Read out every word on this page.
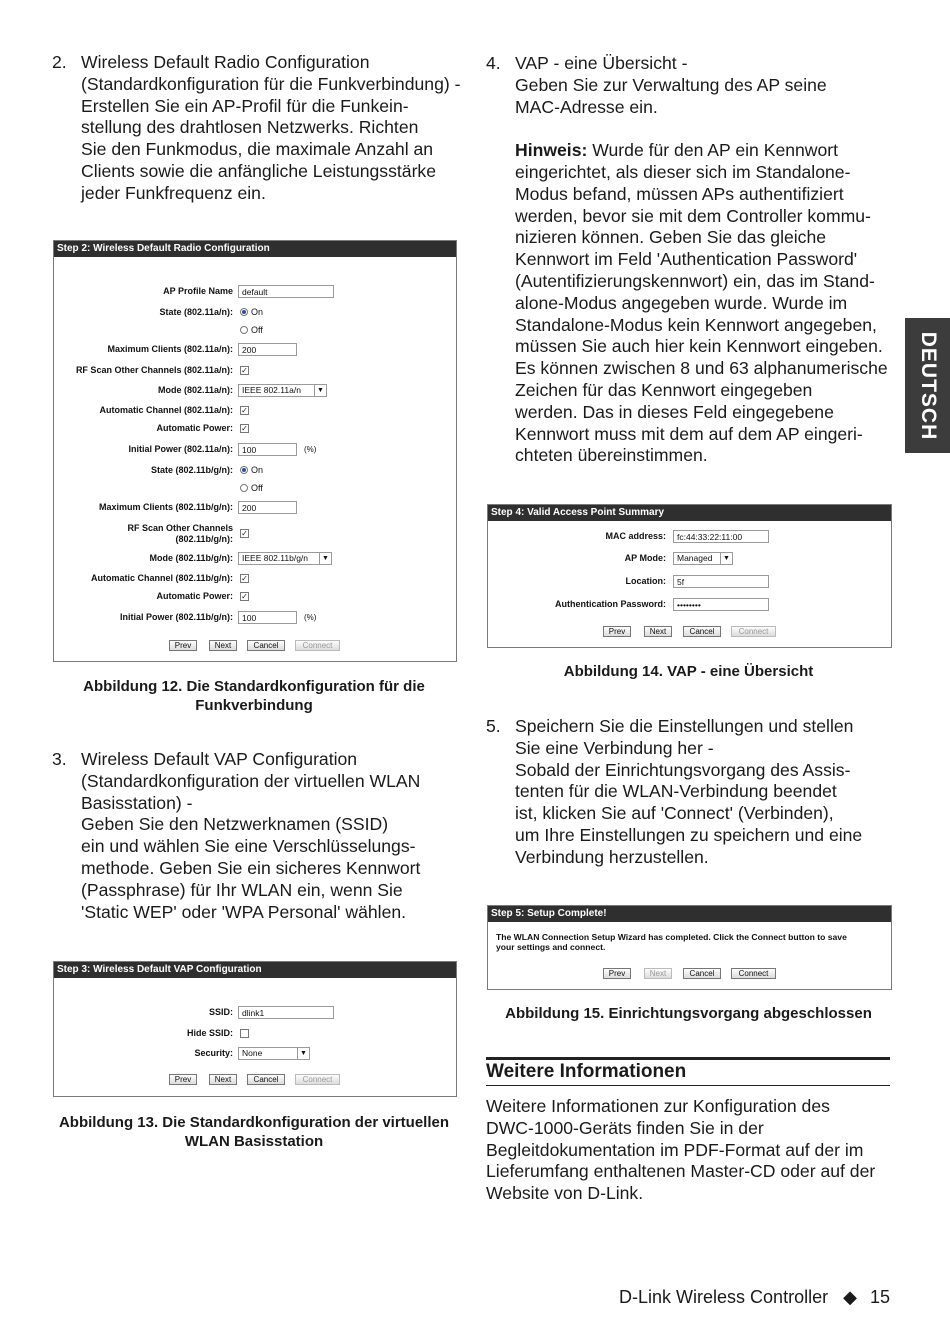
2. Wireless Default Radio Configuration
(Standardkonfiguration für die Funkverbindung) -
Erstellen Sie ein AP-Profil für die Funkein-
stellung des drahtlosen Netzwerks. Richten
Sie den Funkmodus, die maximale Anzahl an
Clients sowie die anfängliche Leistungsstärke
jeder Funkfrequenz ein.
Step 2: Wireless Default Radio Configuration
AP Profile Name	default
State (802.11a/n):	On
Off
Maximum Clients (802.11a/n):	200
RF Scan Other Channels (802.11a/n): ✓
Mode (802.11a/n):	IEEE 802.11a/n	▼
Automatic Channel (802.11a/n): ✓
Automatic Power: ✓
Initial Power (802.11a/n):	100	(%)
State (802.11b/g/n):	On
Off
Maximum Clients (802.11b/g/n):	200
RF Scan Other Channels
(802.11b/g/n):
✓
Mode (802.11b/g/n):	IEEE 802.11b/g/n	▼
Automatic Channel (802.11b/g/n): ✓
Automatic Power: ✓
Initial Power (802.11b/g/n):	100	(%)
Prev	Next	Cancel	Connect
Abbildung 12. Die Standardkonfiguration für die
Funkverbindung
3. Wireless Default VAP Configuration
(Standardkonfiguration der virtuellen WLAN
Basisstation) -
Geben Sie den Netzwerknamen (SSID)
ein und wählen Sie eine Verschlüsselungs-
methode. Geben Sie ein sicheres Kennwort
(Passphrase) für Ihr WLAN ein, wenn Sie
'Static WEP' oder 'WPA Personal' wählen.
Step 3: Wireless Default VAP Configuration
SSID:	dlink1
Hide SSID:
Security:	None	▼
Prev	Next	Cancel	Connect
Abbildung 13. Die Standardkonfiguration der virtuellen
WLAN Basisstation
4. VAP - eine Übersicht -
Geben Sie zur Verwaltung des AP seine
MAC-Adresse ein.

Hinweis: Wurde für den AP ein Kennwort
eingerichtet, als dieser sich im Standalone-
Modus befand, müssen APs authentifiziert
werden, bevor sie mit dem Controller kommu-
nizieren können. Geben Sie das gleiche
Kennwort im Feld 'Authentication Password'
(Autentifizierungskennwort) ein, das im Stand-
alone-Modus angegeben wurde. Wurde im
Standalone-Modus kein Kennwort angegeben,
müssen Sie auch hier kein Kennwort eingeben.
Es können zwischen 8 und 63 alphanumerische
Zeichen für das Kennwort eingegeben
werden. Das in dieses Feld eingegebene
Kennwort muss mit dem auf dem AP eingeri-
chteten übereinstimmen.
Step 4: Valid Access Point Summary
MAC address:	fc:44:33:22:11:00
AP Mode:	Managed	▼
Location:	5f
Authentication Password:	••••••••
Prev	Next	Cancel	Connect
Abbildung 14. VAP - eine Übersicht
5. Speichern Sie die Einstellungen und stellen
Sie eine Verbindung her -
Sobald der Einrichtungsvorgang des Assis-
tenten für die WLAN-Verbindung beendet
ist, klicken Sie auf 'Connect' (Verbinden),
um Ihre Einstellungen zu speichern und eine
Verbindung herzustellen.
Step 5: Setup Complete!
The WLAN Connection Setup Wizard has completed. Click the Connect button to save
your settings and connect.
Prev	Next	Cancel	Connect
Abbildung 15. Einrichtungsvorgang abgeschlossen
Weitere Informationen
Weitere Informationen zur Konfiguration des
DWC-1000-Geräts finden Sie in der
Begleitdokumentation im PDF-Format auf der im
Lieferumfang enthaltenen Master-CD oder auf der
Website von D-Link.
DEUTSCH
D-Link Wireless Controller ◆ 15
